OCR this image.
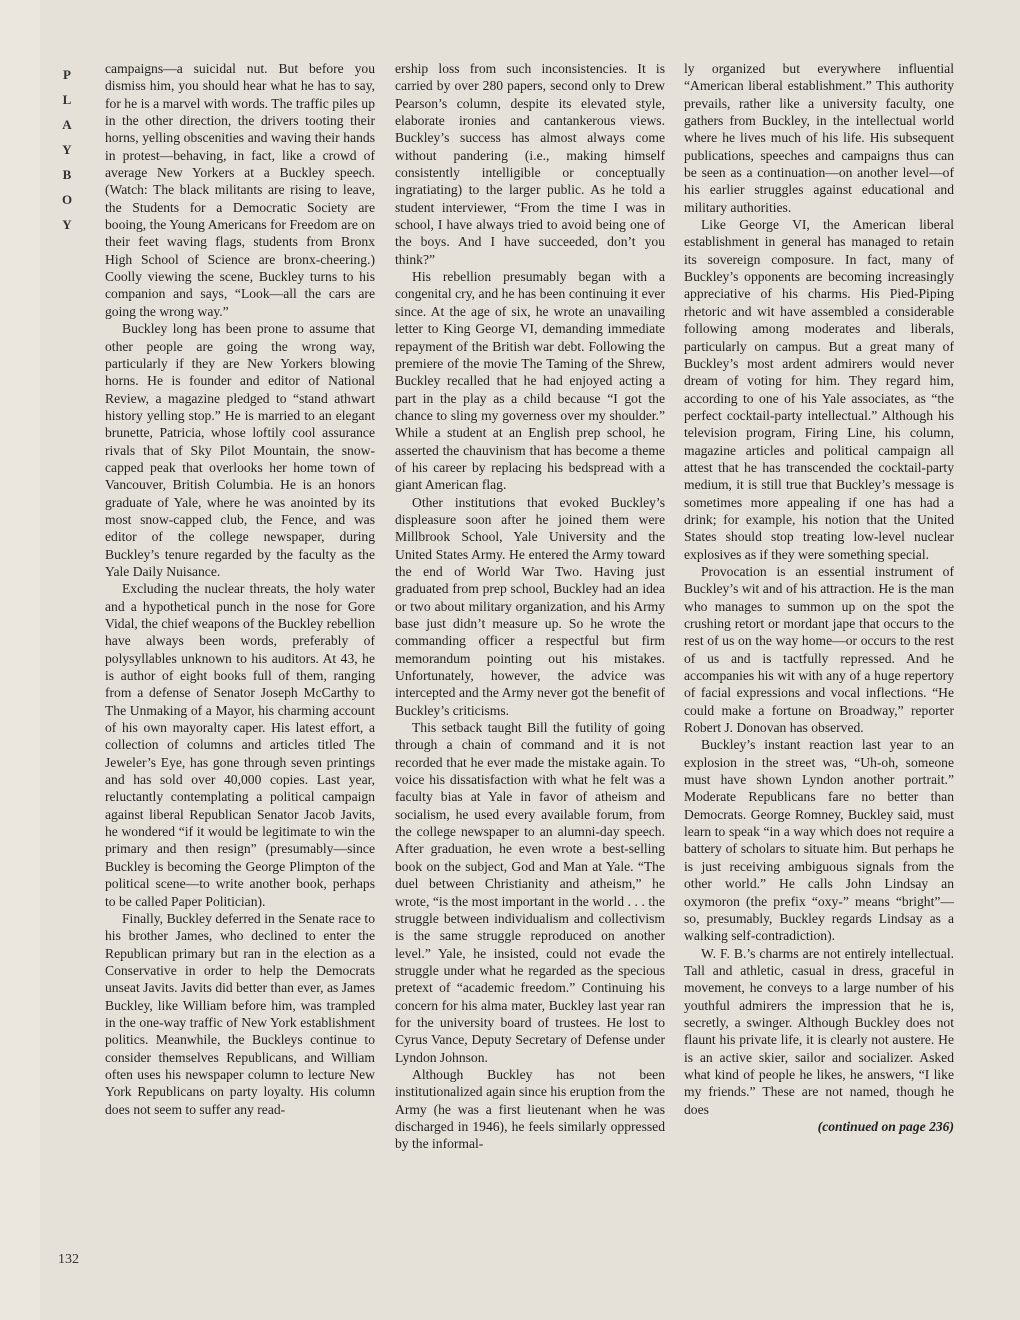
P
L
A
Y
B
O
Y
132

campaigns—a suicidal nut. But before you dismiss him, you should hear what he has to say, for he is a marvel with words. The traffic piles up in the other direction, the drivers tooting their horns, yelling obscenities and waving their hands in protest—behaving, in fact, like a crowd of average New Yorkers at a Buckley speech. (Watch: The black militants are rising to leave, the Students for a Democratic Society are booing, the Young Americans for Freedom are on their feet waving flags, students from Bronx High School of Science are bronx-cheering.) Coolly viewing the scene, Buckley turns to his companion and says, “Look—all the cars are going the wrong way.”

Buckley long has been prone to assume that other people are going the wrong way, particularly if they are New Yorkers blowing horns. He is founder and editor of National Review, a magazine pledged to “stand athwart history yelling stop.” He is married to an elegant brunette, Patricia, whose loftily cool assurance rivals that of Sky Pilot Mountain, the snow-capped peak that overlooks her home town of Vancouver, British Columbia. He is an honors graduate of Yale, where he was anointed by its most snow-capped club, the Fence, and was editor of the college newspaper, during Buckley’s tenure regarded by the faculty as the Yale Daily Nuisance.

Excluding the nuclear threats, the holy water and a hypothetical punch in the nose for Gore Vidal, the chief weapons of the Buckley rebellion have always been words, preferably of polysyllables unknown to his auditors. At 43, he is author of eight books full of them, ranging from a defense of Senator Joseph McCarthy to The Unmaking of a Mayor, his charming account of his own mayoralty caper. His latest effort, a collection of columns and articles titled The Jeweler’s Eye, has gone through seven printings and has sold over 40,000 copies. Last year, reluctantly contemplating a political campaign against liberal Republican Senator Jacob Javits, he wondered “if it would be legitimate to win the primary and then resign” (presumably—since Buckley is becoming the George Plimpton of the political scene—to write another book, perhaps to be called Paper Politician).

Finally, Buckley deferred in the Senate race to his brother James, who declined to enter the Republican primary but ran in the election as a Conservative in order to help the Democrats unseat Javits. Javits did better than ever, as James Buckley, like William before him, was trampled in the one-way traffic of New York establishment politics. Meanwhile, the Buckleys continue to consider themselves Republicans, and William often uses his newspaper column to lecture New York Republicans on party loyalty. His column does not seem to suffer any read-

ership loss from such inconsistencies. It is carried by over 280 papers, second only to Drew Pearson’s column, despite its elevated style, elaborate ironies and cantankerous views. Buckley’s success has almost always come without pandering (i.e., making himself consistently intelligible or conceptually ingratiating) to the larger public. As he told a student interviewer, “From the time I was in school, I have always tried to avoid being one of the boys. And I have succeeded, don’t you think?”

His rebellion presumably began with a congenital cry, and he has been continuing it ever since. At the age of six, he wrote an unavailing letter to King George VI, demanding immediate repayment of the British war debt. Following the premiere of the movie The Taming of the Shrew, Buckley recalled that he had enjoyed acting a part in the play as a child because “I got the chance to sling my governess over my shoulder.” While a student at an English prep school, he asserted the chauvinism that has become a theme of his career by replacing his bedspread with a giant American flag.

Other institutions that evoked Buckley’s displeasure soon after he joined them were Millbrook School, Yale University and the United States Army. He entered the Army toward the end of World War Two. Having just graduated from prep school, Buckley had an idea or two about military organization, and his Army base just didn’t measure up. So he wrote the commanding officer a respectful but firm memorandum pointing out his mistakes. Unfortunately, however, the advice was intercepted and the Army never got the benefit of Buckley’s criticisms.

This setback taught Bill the futility of going through a chain of command and it is not recorded that he ever made the mistake again. To voice his dissatisfaction with what he felt was a faculty bias at Yale in favor of atheism and socialism, he used every available forum, from the college newspaper to an alumni-day speech. After graduation, he even wrote a best-selling book on the subject, God and Man at Yale. “The duel between Christianity and atheism,” he wrote, “is the most important in the world . . . the struggle between individualism and collectivism is the same struggle reproduced on another level.” Yale, he insisted, could not evade the struggle under what he regarded as the specious pretext of “academic freedom.” Continuing his concern for his alma mater, Buckley last year ran for the university board of trustees. He lost to Cyrus Vance, Deputy Secretary of Defense under Lyndon Johnson.

Although Buckley has not been institutionalized again since his eruption from the Army (he was a first lieutenant when he was discharged in 1946), he feels similarly oppressed by the informal-

ly organized but everywhere influential “American liberal establishment.” This authority prevails, rather like a university faculty, one gathers from Buckley, in the intellectual world where he lives much of his life. His subsequent publications, speeches and campaigns thus can be seen as a continuation—on another level—of his earlier struggles against educational and military authorities.

Like George VI, the American liberal establishment in general has managed to retain its sovereign composure. In fact, many of Buckley’s opponents are becoming increasingly appreciative of his charms. His Pied-Piping rhetoric and wit have assembled a considerable following among moderates and liberals, particularly on campus. But a great many of Buckley’s most ardent admirers would never dream of voting for him. They regard him, according to one of his Yale associates, as “the perfect cocktail-party intellectual.” Although his television program, Firing Line, his column, magazine articles and political campaign all attest that he has transcended the cocktail-party medium, it is still true that Buckley’s message is sometimes more appealing if one has had a drink; for example, his notion that the United States should stop treating low-level nuclear explosives as if they were something special.

Provocation is an essential instrument of Buckley’s wit and of his attraction. He is the man who manages to summon up on the spot the crushing retort or mordant jape that occurs to the rest of us on the way home—or occurs to the rest of us and is tactfully repressed. And he accompanies his wit with any of a huge repertory of facial expressions and vocal inflections. “He could make a fortune on Broadway,” reporter Robert J. Donovan has observed.

Buckley’s instant reaction last year to an explosion in the street was, “Uh-oh, someone must have shown Lyndon another portrait.” Moderate Republicans fare no better than Democrats. George Romney, Buckley said, must learn to speak “in a way which does not require a battery of scholars to situate him. But perhaps he is just receiving ambiguous signals from the other world.” He calls John Lindsay an oxymoron (the prefix “oxy-” means “bright”—so, presumably, Buckley regards Lindsay as a walking self-contradiction).

W. F. B.’s charms are not entirely intellectual. Tall and athletic, casual in dress, graceful in movement, he conveys to a large number of his youthful admirers the impression that he is, secretly, a swinger. Although Buckley does not flaunt his private life, it is clearly not austere. He is an active skier, sailor and socializer. Asked what kind of people he likes, he answers, “I like my friends.” These are not named, though he does

(continued on page 236)
